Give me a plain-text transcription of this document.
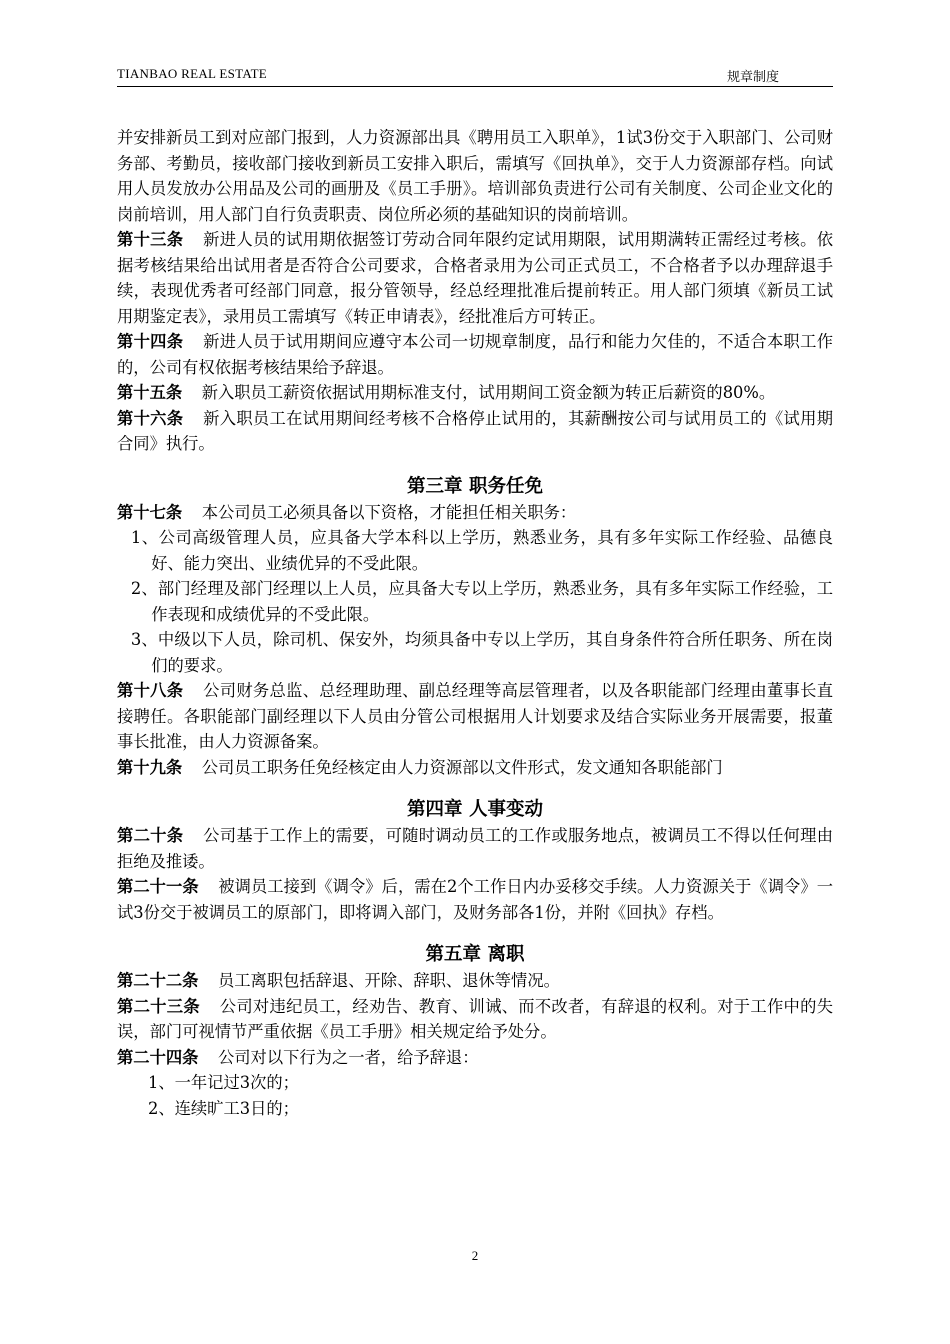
TIANBAO REAL ESTATE	规章制度

并安排新员工到对应部门报到，人力资源部出具《聘用员工入职单》，1试3份交于入职部门、公司财务部、考勤员，接收部门接收到新员工安排入职后，需填写《回执单》，交于人力资源部存档。向试用人员发放办公用品及公司的画册及《员工手册》。培训部负责进行公司有关制度、公司企业文化的岗前培训，用人部门自行负责职责、岗位所必须的基础知识的岗前培训。

第十三条 新进人员的试用期依据签订劳动合同年限约定试用期限，试用期满转正需经过考核。依据考核结果给出试用者是否符合公司要求，合格者录用为公司正式员工，不合格者予以办理辞退手续，表现优秀者可经部门同意，报分管领导，经总经理批准后提前转正。用人部门须填《新员工试用期鉴定表》，录用员工需填写《转正申请表》，经批准后方可转正。

第十四条 新进人员于试用期间应遵守本公司一切规章制度，品行和能力欠佳的，不适合本职工作的，公司有权依据考核结果给予辞退。

第十五条 新入职员工薪资依据试用期标准支付，试用期间工资金额为转正后薪资的80%。

第十六条 新入职员工在试用期间经考核不合格停止试用的，其薪酬按公司与试用员工的《试用期合同》执行。

第三章 职务任免

第十七条 本公司员工必须具备以下资格，才能担任相关职务：

1、公司高级管理人员，应具备大学本科以上学历，熟悉业务，具有多年实际工作经验、品德良好、能力突出、业绩优异的不受此限。

2、部门经理及部门经理以上人员，应具备大专以上学历，熟悉业务，具有多年实际工作经验，工作表现和成绩优异的不受此限。

3、中级以下人员，除司机、保安外，均须具备中专以上学历，其自身条件符合所任职务、所在岗们的要求。

第十八条 公司财务总监、总经理助理、副总经理等高层管理者，以及各职能部门经理由董事长直接聘任。各职能部门副经理以下人员由分管公司根据用人计划要求及结合实际业务开展需要，报董事长批准，由人力资源备案。

第十九条 公司员工职务任免经核定由人力资源部以文件形式，发文通知各职能部门

第四章 人事变动

第二十条 公司基于工作上的需要，可随时调动员工的工作或服务地点，被调员工不得以任何理由拒绝及推诿。

第二十一条 被调员工接到《调令》后，需在2个工作日内办妥移交手续。人力资源关于《调令》一试3份交于被调员工的原部门，即将调入部门，及财务部各1份，并附《回执》存档。

第五章 离职

第二十二条 员工离职包括辞退、开除、辞职、退休等情况。

第二十三条 公司对违纪员工，经劝告、教育、训诫、而不改者，有辞退的权利。对于工作中的失误，部门可视情节严重依据《员工手册》相关规定给予处分。

第二十四条 公司对以下行为之一者，给予辞退：

1、一年记过3次的；

2、连续旷工3日的；

2
